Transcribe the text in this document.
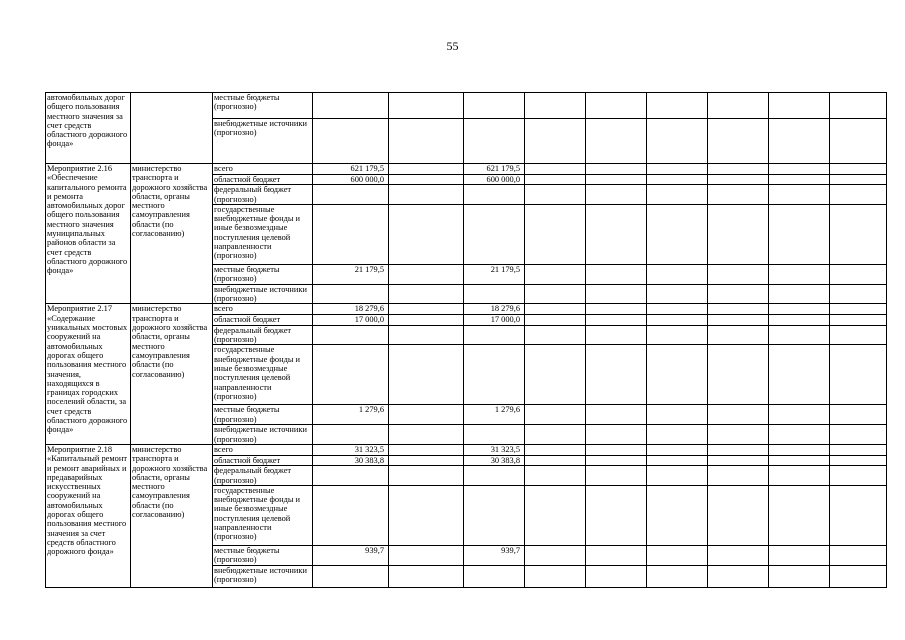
55
автомобильных дорог общего пользования местного значения за счет средств областного дорожного фонда»		местные бюджеты (прогнозно)									
		внебюджетные источники (прогнозно)									
Мероприятие 2.16 «Обеспечение капитального ремонта и ремонта автомобильных дорог общего пользования местного значения муниципальных районов области за счет средств областного дорожного фонда»	министерство транспорта и дорожного хозяйства области, органы местного самоуправления области (по согласованию)	всего	621 179,5		621 179,5						
		областной бюджет	600 000,0		600 000,0						
		федеральный бюджет (прогнозно)									
		государственные внебюджетные фонды и иные безвозмездные поступления целевой направленности (прогнозно)									
		местные бюджеты (прогнозно)	21 179,5		21 179,5						
		внебюджетные источники (прогнозно)									
Мероприятие 2.17 «Содержание уникальных мостовых сооружений на автомобильных дорогах общего пользования местного значения, находящихся в границах городских поселений области, за счет средств областного дорожного фонда»	министерство транспорта и дорожного хозяйства области, органы местного самоуправления области (по согласованию)	всего	18 279,6		18 279,6						
		областной бюджет	17 000,0		17 000,0						
		федеральный бюджет (прогнозно)									
		государственные внебюджетные фонды и иные безвозмездные поступления целевой направленности (прогнозно)									
		местные бюджеты (прогнозно)	1 279,6		1 279,6						
		внебюджетные источники (прогнозно)									
Мероприятие 2.18 «Капитальный ремонт и ремонт аварийных и предаварийных искусственных сооружений на автомобильных дорогах общего пользования местного значения за счет средств областного дорожного фонда»	министерство транспорта и дорожного хозяйства области, органы местного самоуправления области (по согласованию)	всего	31 323,5		31 323,5						
		областной бюджет	30 383,8		30 383,8						
		федеральный бюджет (прогнозно)									
		государственные внебюджетные фонды и иные безвозмездные поступления целевой направленности (прогнозно)									
		местные бюджеты (прогнозно)	939,7		939,7						
		внебюджетные источники (прогнозно)									
